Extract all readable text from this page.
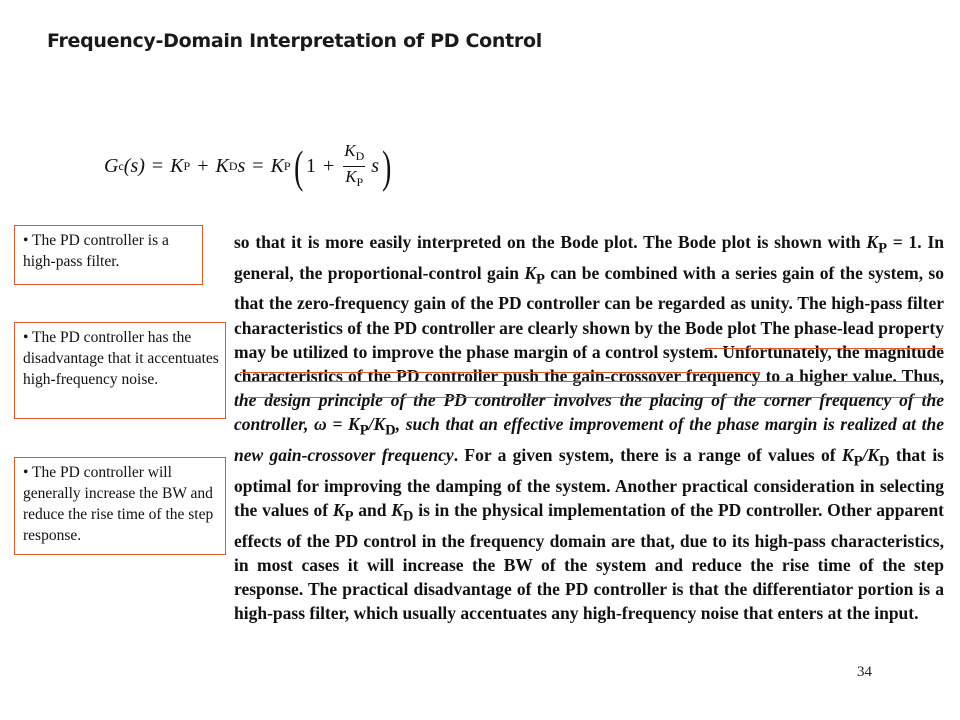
Frequency-Domain Interpretation of PD Control
G c (s) = K P + K D s = K P ( $1 + \frac{K_D}{K_P}$ s )
• The PD controller is a high-pass filter.
• The PD controller has the disadvantage that it accentuates high-frequency noise.
• The PD controller will generally increase the BW and reduce the rise time of the step response.

so that it is more easily interpreted on the Bode plot. The Bode plot is shown with $K_P = 1$. In general, the proportional-control gain $K_P$ can be combined with a series gain of the system, so that the zero-frequency gain of the PD controller can be regarded as unity. The high-pass filter characteristics of the PD controller are clearly shown by the Bode plot The phase-lead property may be utilized to improve the phase margin of a control system. Unfortunately, the magnitude characteristics of the PD controller push the gain-crossover frequency to a higher value. Thus, the design principle of the PD controller involves the placing of the corner frequency of the controller, $\omega = K_P/K_D$, such that an effective improvement of the phase margin is realized at the new gain-crossover frequency. For a given system, there is a range of values of $K_P/K_D$ that is optimal for improving the damping of the system. Another practical consideration in selecting the values of $K_P$ and $K_D$ is in the physical implementation of the PD controller. Other apparent effects of the PD control in the frequency domain are that, due to its high-pass characteristics, in most cases it will increase the BW of the system and reduce the rise time of the step response. The practical disadvantage of the PD controller is that the differentiator portion is a high-pass filter, which usually accentuates any high-frequency noise that enters at the input.

34
